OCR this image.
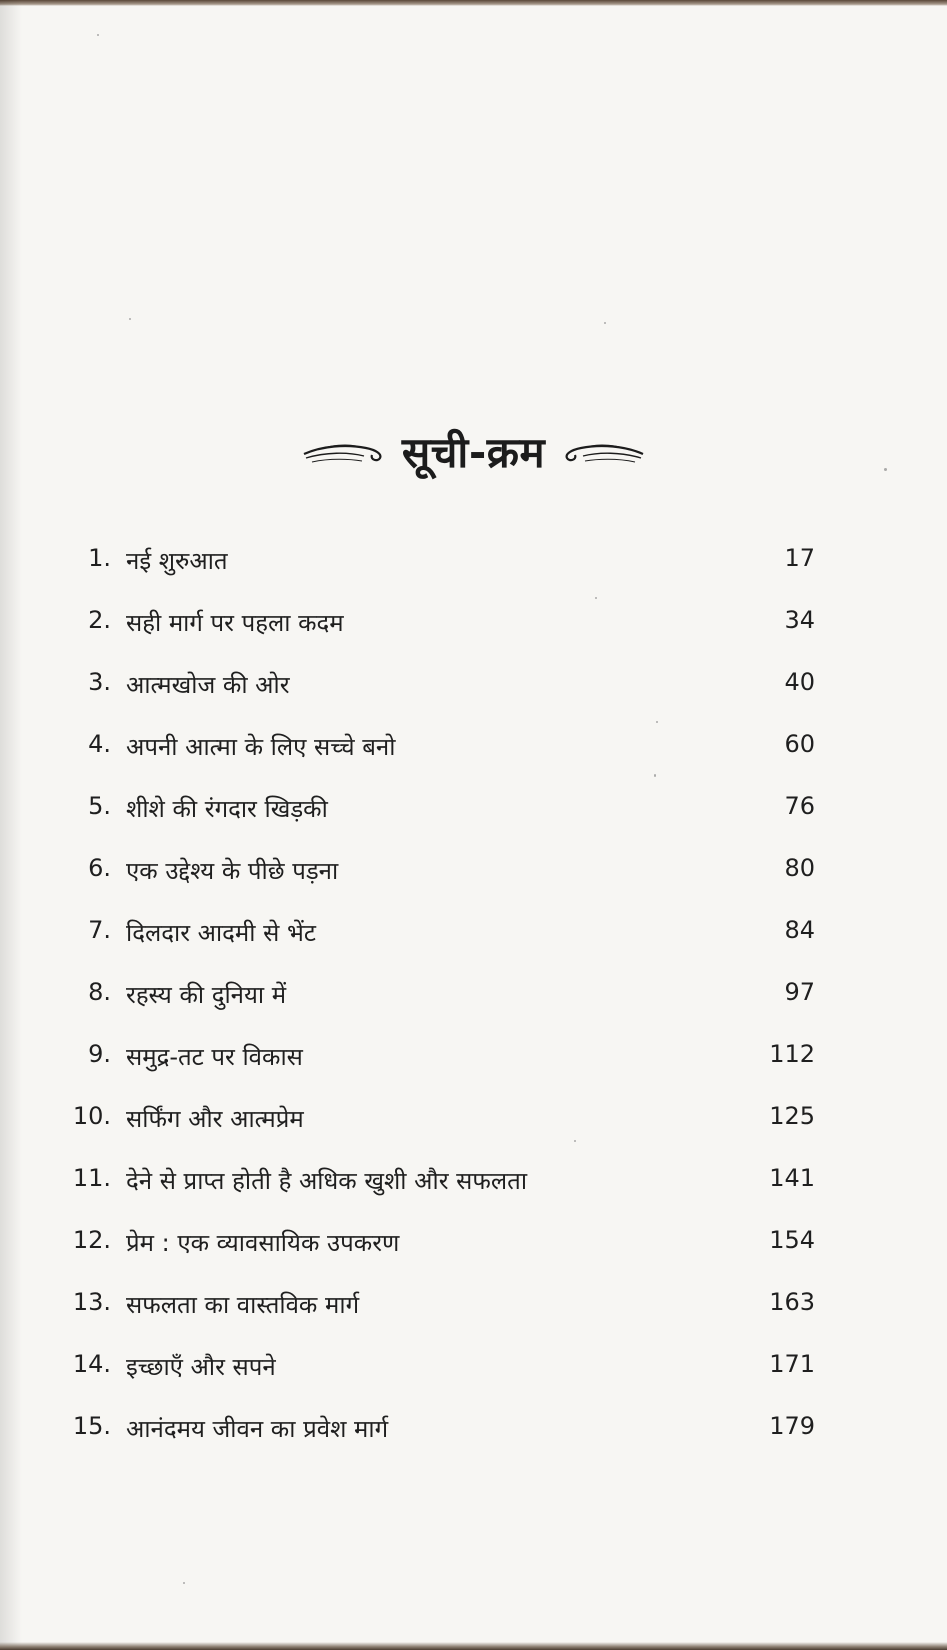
सूची-क्रम
1. नई शुरुआत	17
2. सही मार्ग पर पहला कदम	34
3. आत्मखोज की ओर	40
4. अपनी आत्मा के लिए सच्चे बनो	60
5. शीशे की रंगदार खिड़की	76
6. एक उद्देश्य के पीछे पड़ना	80
7. दिलदार आदमी से भेंट	84
8. रहस्य की दुनिया में	97
9. समुद्र-तट पर विकास	112
10. सर्फिंग और आत्मप्रेम	125
11. देने से प्राप्त होती है अधिक खुशी और सफलता	141
12. प्रेम : एक व्यावसायिक उपकरण	154
13. सफलता का वास्तविक मार्ग	163
14. इच्छाएँ और सपने	171
15. आनंदमय जीवन का प्रवेश मार्ग	179
